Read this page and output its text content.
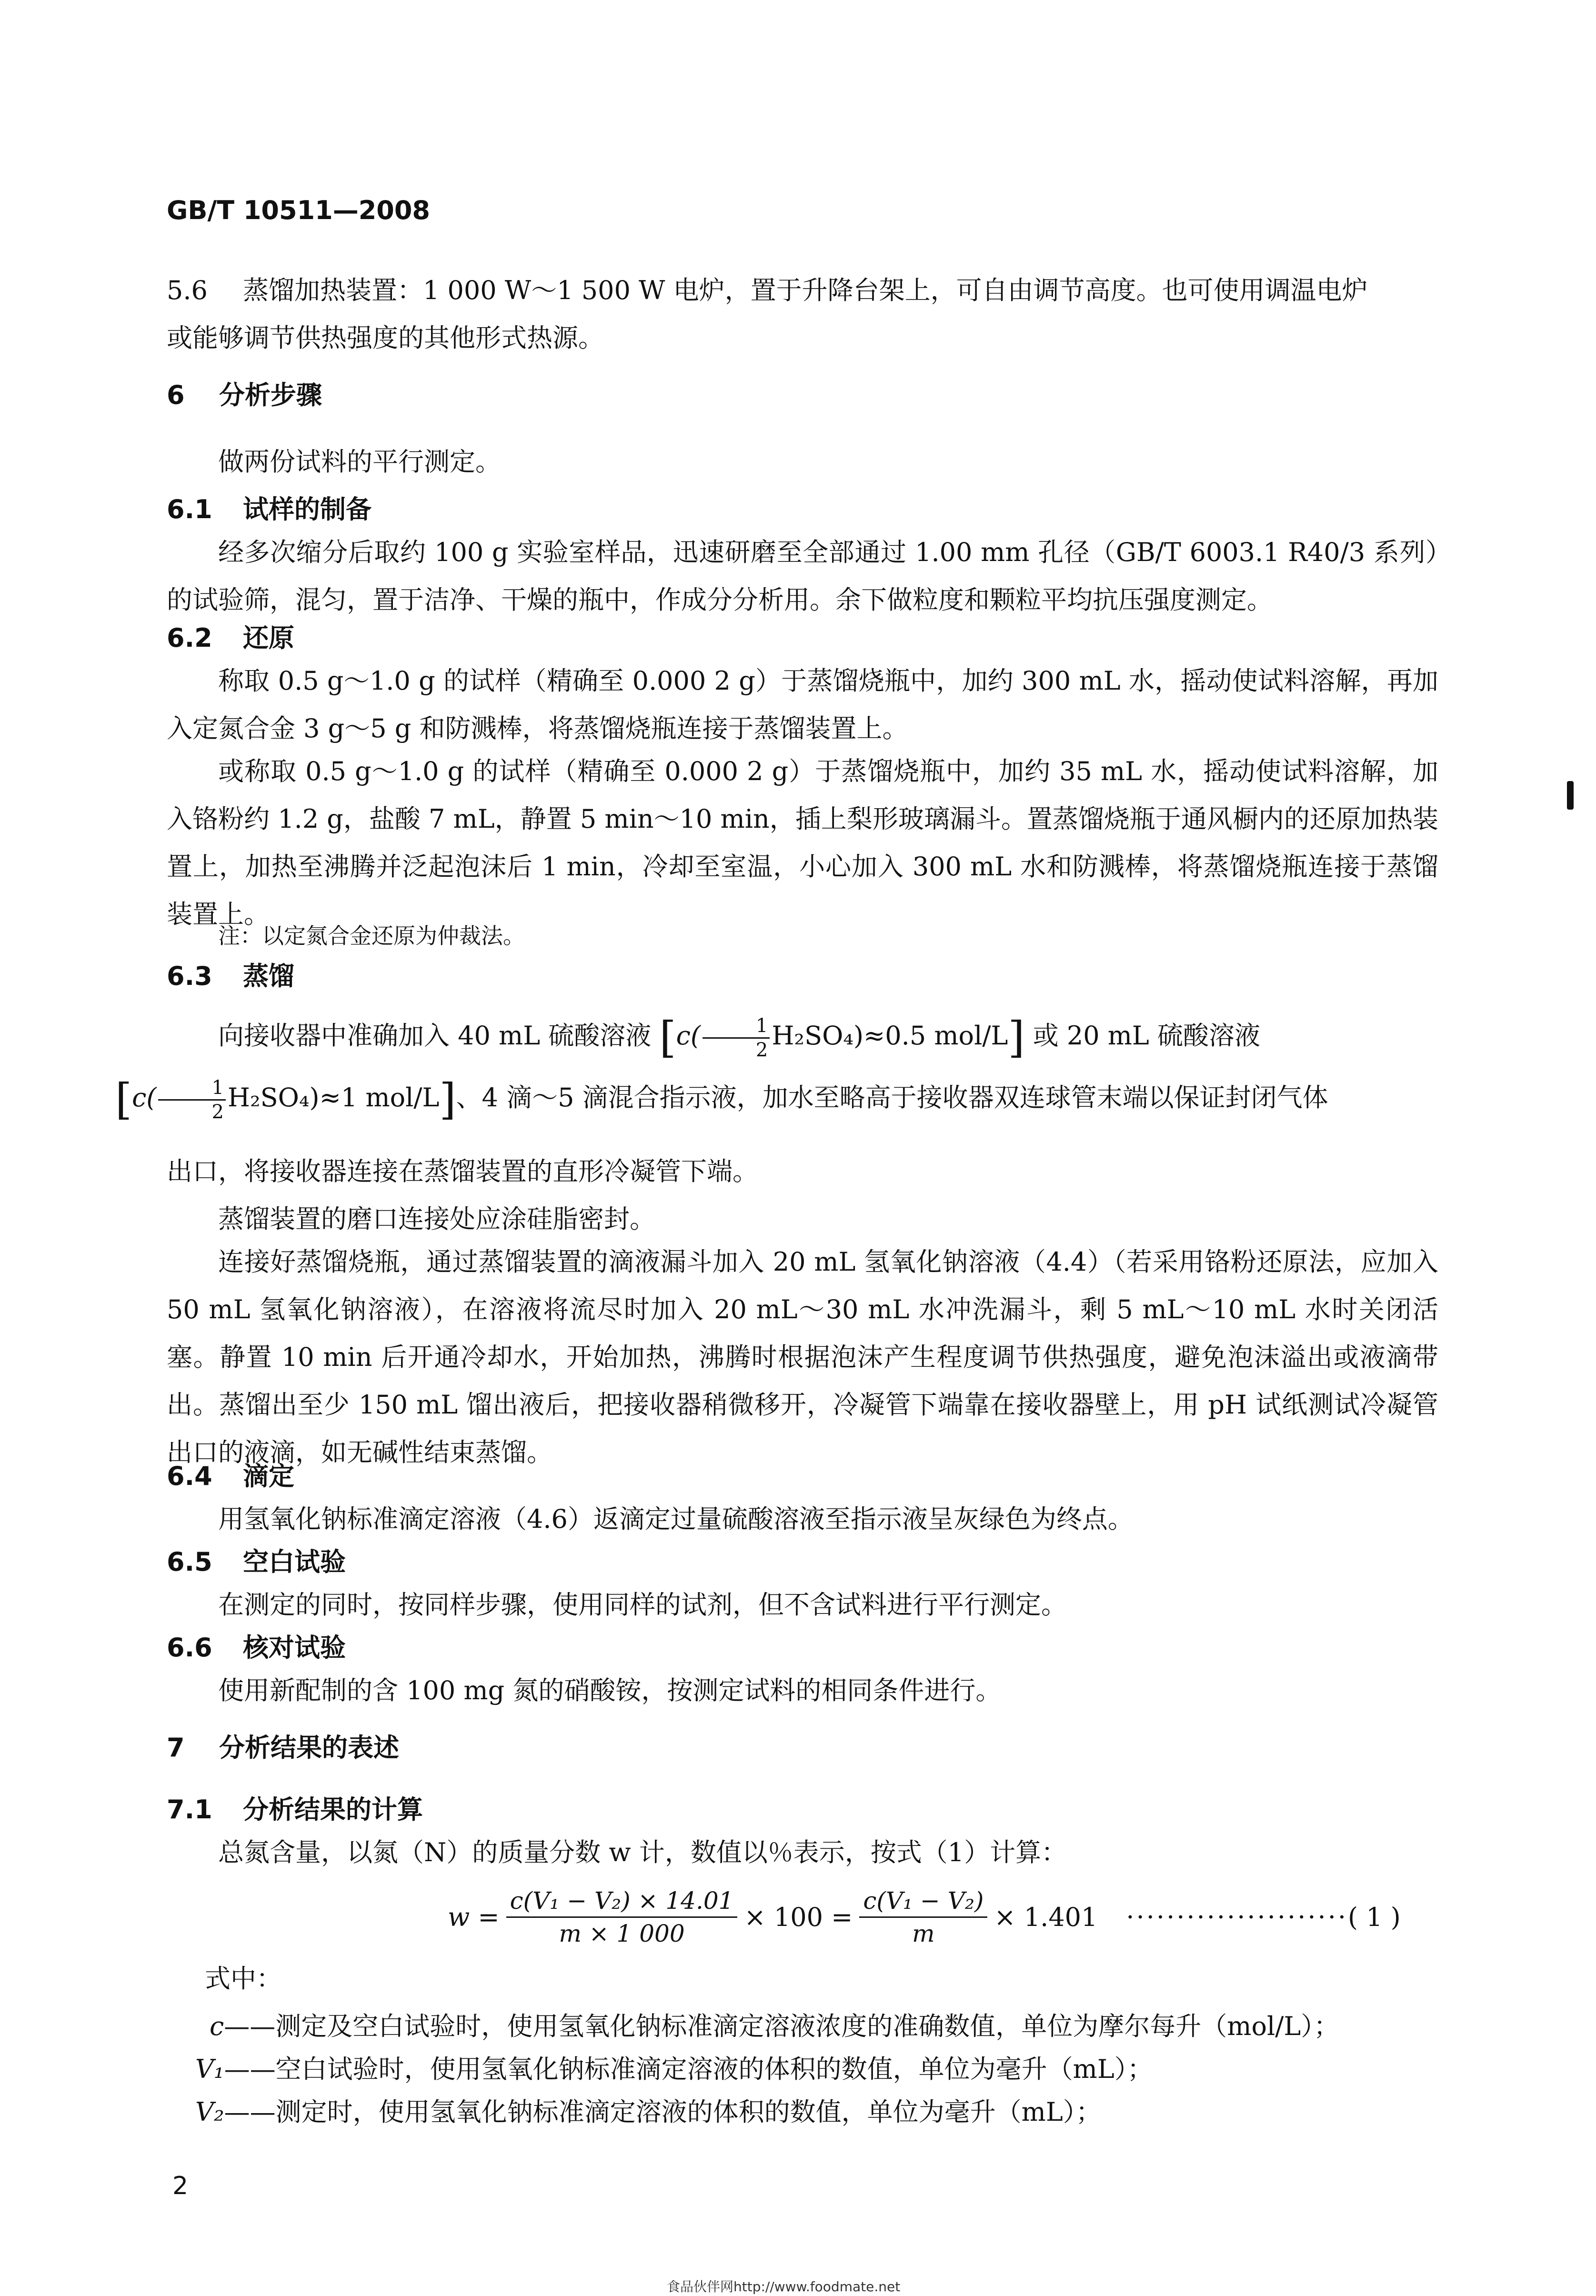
GB/T 10511—2008
5.6 蒸馏加热装置：1 000 W～1 500 W 电炉，置于升降台架上，可自由调节高度。也可使用调温电炉
或能够调节供热强度的其他形式热源。
6 分析步骤
做两份试料的平行测定。
6.1 试样的制备
经多次缩分后取约 100 g 实验室样品，迅速研磨至全部通过 1.00 mm 孔径（GB/T 6003.1 R40/3 系列）的试验筛，混匀，置于洁净、干燥的瓶中，作成分分析用。余下做粒度和颗粒平均抗压强度测定。
6.2 还原
称取 0.5 g～1.0 g 的试样（精确至 0.000 2 g）于蒸馏烧瓶中，加约 300 mL 水，摇动使试料溶解，再加入定氮合金 3 g～5 g 和防溅棒，将蒸馏烧瓶连接于蒸馏装置上。
或称取 0.5 g～1.0 g 的试样（精确至 0.000 2 g）于蒸馏烧瓶中，加约 35 mL 水，摇动使试料溶解，加入铬粉约 1.2 g，盐酸 7 mL，静置 5 min～10 min，插上梨形玻璃漏斗。置蒸馏烧瓶于通风橱内的还原加热装置上，加热至沸腾并泛起泡沫后 1 min，冷却至室温，小心加入 300 mL 水和防溅棒，将蒸馏烧瓶连接于蒸馏装置上。
注：以定氮合金还原为仲裁法。
6.3 蒸馏
向接收器中准确加入 40 mL 硫酸溶液 [$c( \frac{1}{2} H_2SO_4)\approx 0.5$ mol/L] 或 20 mL 硫酸溶液
[$c( \frac{1}{2} H_2SO_4)\approx 1$ mol/L]、4 滴～5 滴混合指示液，加水至略高于接收器双连球管末端以保证封闭气体
出口，将接收器连接在蒸馏装置的直形冷凝管下端。
蒸馏装置的磨口连接处应涂硅脂密封。
连接好蒸馏烧瓶，通过蒸馏装置的滴液漏斗加入 20 mL 氢氧化钠溶液（4.4）（若采用铬粉还原法，应加入 50 mL 氢氧化钠溶液），在溶液将流尽时加入 20 mL～30 mL 水冲洗漏斗，剩 5 mL～10 mL 水时关闭活塞。静置 10 min 后开通冷却水，开始加热，沸腾时根据泡沫产生程度调节供热强度，避免泡沫溢出或液滴带出。蒸馏出至少 150 mL 馏出液后，把接收器稍微移开，冷凝管下端靠在接收器壁上，用 pH 试纸测试冷凝管出口的液滴，如无碱性结束蒸馏。
6.4 滴定
用氢氧化钠标准滴定溶液（4.6）返滴定过量硫酸溶液至指示液呈灰绿色为终点。
6.5 空白试验
在测定的同时，按同样步骤，使用同样的试剂，但不含试料进行平行测定。
6.6 核对试验
使用新配制的含 100 mg 氮的硝酸铵，按测定试料的相同条件进行。
7 分析结果的表述
7.1 分析结果的计算
总氮含量，以氮（N）的质量分数 w 计，数值以％表示，按式（1）计算：
$w = \frac{\text{c(V₁ − V₂) × 14.01}}{m \times 1 000} \times 100 = \frac{\text{c(V₁ − V₂)}}{m} \times 1.401$ ······················ ( 1 )
式中：
c——测定及空白试验时，使用氢氧化钠标准滴定溶液浓度的准确数值，单位为摩尔每升（mol/L）；
V₁——空白试验时，使用氢氧化钠标准滴定溶液的体积的数值，单位为毫升（mL）；
V₂——测定时，使用氢氧化钠标准滴定溶液的体积的数值，单位为毫升（mL）；
2
食品伙伴网http://www.foodmate.net
